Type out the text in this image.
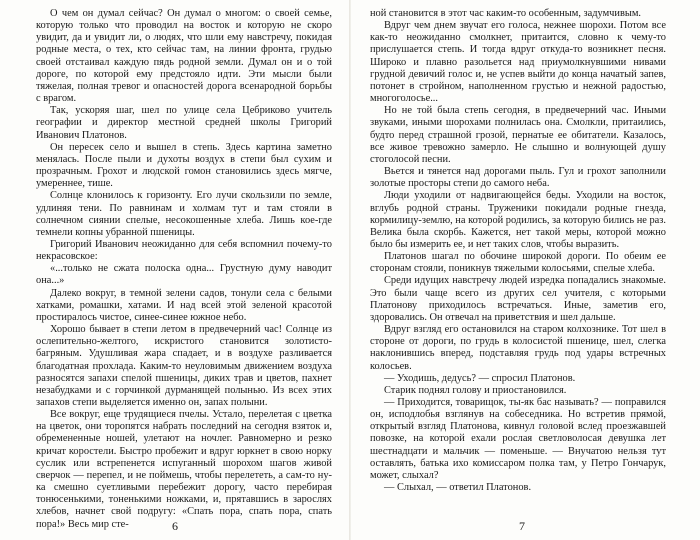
О чем он думал сейчас? Он думал о многом: о своей семье, которую только что проводил на восток и которую не скоро увидит, да и увидит ли, о людях, что шли ему навстречу, покидая родные места, о тех, кто сейчас там, на линии фронта, грудью своей отстаивал каждую пядь родной земли. Думал он и о той дороге, по которой ему предстояло идти. Эти мысли были тяжелая, полная тревог и опасностей дорога всенародной борьбы с врагом.

Так, ускоряя шаг, шел по улице села Цебриково учитель географии и директор местной средней школы Григорий Иванович Платонов.

Он пересек село и вышел в степь. Здесь картина заметно менялась. После пыли и духоты воздух в степи был сухим и прозрачным. Грохот и людской гомон становились здесь мягче, умереннее, тише.

Солнце клонилось к горизонту. Его лучи скользили по земле, удлиняя тени. По равнинам и холмам тут и там стояли в солнечном сиянии спелые, несокошенные хлеба. Лишь кое-где темнели копны убранной пшеницы.

Григорий Иванович неожиданно для себя вспомнил почему-то некрасовское:

«...только не сжата полоска одна... Грустную думу наводит она...»

Далеко вокруг, в темной зелени садов, тонули села с белыми хатками, ромашки, хатами. И над всей этой зеленой красотой простиралось чистое, синее-синее южное небо.

Хорошо бывает в степи летом в предвечерний час! Солнце из ослепительно-желтого, искристого становится золотисто-багряным. Удушливая жара спадает, и в воздухе разливается благодатная прохлада. Каким-то неуловимым движением воздуха разносятся запахи спелой пшеницы, диких трав и цветов, пахнет незабудками и с горчинкой дурманящей полынью. Из всех этих запахов степи выделяется именно он, запах полыни.

Все вокруг, еще трудящиеся пчелы. Устало, перелетая с цветка на цветок, они торопятся набрать последний на сегодня взяток и, обремененные ношей, улетают на ночлег. Равномерно и резко кричат коростели. Быстро пробежит и вдруг юркнет в свою норку суслик или встрепенется испуганный шорохом шагов живой сверчок — перепел, и не поймешь, чтобы перелететь, а сам-то ну-ка смешно суетливыми перебежит дорогу, часто перебирая тонюсенькими, тоненькими ножками, и, прятавшись в зарослях хлебов, начнет свой подругу: «Спать пора, спать пора, спать пора!» Весь мир сте-	6

ной становится в этот час каким-то особенным, задумчивым.

Вдруг чем днем звучат его голоса, нежнее шорохи. Потом все как-то неожиданно смолкнет, притаится, словно к чему-то прислушается степь. И тогда вдруг откуда-то возникнет песня. Широко и плавно разольется над приумолкнувшими нивами грудной девичий голос и, не успев выйти до конца начатый запев, потонет в стройном, наполненном грустью и нежной радостью, многоголосье...

Но не той была степь сегодня, в предвечерний час. Иными звуками, иными шорохами полнилась она. Смолкли, притаились, будто перед страшной грозой, пернатые ее обитатели. Казалось, все живое тревожно замерло. Не слышно и волнующей душу стоголосой песни.

Вьется и тянется над дорогами пыль. Гул и грохот заполнили золотые просторы степи до самого неба.

Люди уходили от надвигающейся беды. Уходили на восток, вглубь родной страны. Труженики покидали родные гнезда, кормилицу-землю, на которой родились, за которую бились не раз. Велика была скорбь. Кажется, нет такой меры, которой можно было бы измерить ее, и нет таких слов, чтобы выразить.

Платонов шагал по обочине широкой дороги. По обеим ее сторонам стояли, поникнув тяжелыми колосьями, спелые хлеба.

Среди идущих навстречу людей изредка попадались знакомые. Это были чаще всего из других сел учителя, с которыми Платонову приходилось встречаться. Иные, заметив его, здоровались. Он отвечал на приветствия и шел дальше.

Вдруг взгляд его остановился на старом колхознике. Тот шел в стороне от дороги, по грудь в колосистой пшенице, шел, слегка наклонившись вперед, подставляя грудь под удары встречных колосьев.

— Уходишь, дедусь? — спросил Платонов.

Старик поднял голову и приостановился.

— Приходится, товарищок, ты-як бас называть? — поправился он, исподлобья взглянув на собеседника. Но встретив прямой, открытый взгляд Платонова, кивнул головой вслед проезжавшей повозке, на которой ехали рослая светловолосая девушка лет шестнадцати и мальчик — поменьше. — Внучатою нельзя тут оставлять, батька ихо комиссаром полка там, у Петро Гончарук, может, слыхал?

— Слыхал, — ответил Платонов.

7
